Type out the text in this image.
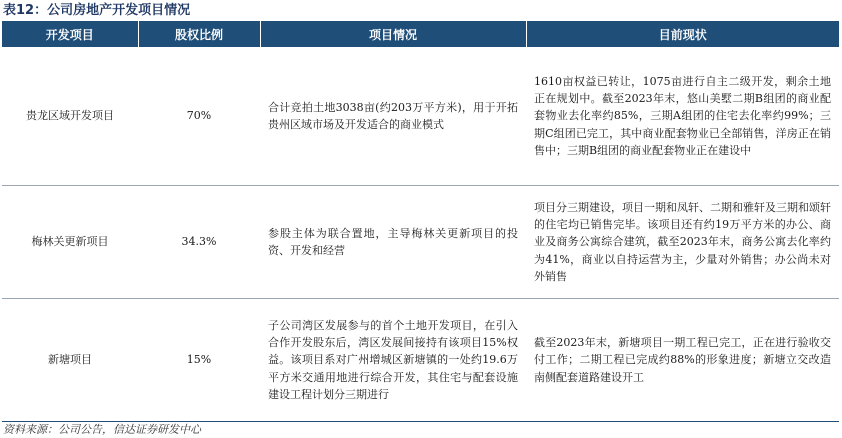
表12：公司房地产开发项目情况
开发项目	股权比例	项目情况	目前现状
贵龙区域开发项目	70%	合计竞拍土地3038亩(约203万平方米)，用于开拓贵州区域市场及开发适合的商业模式	1610亩权益已转让，1075亩进行自主二级开发，剩余土地正在规划中。截至2023年末，悠山美墅二期B组团的商业配套物业去化率约85%，三期A组团的住宅去化率约99%；三期C组团已完工，其中商业配套物业已全部销售，洋房正在销售中；三期B组团的商业配套物业正在建设中
梅林关更新项目	34.3%	参股主体为联合置地，主导梅林关更新项目的投资、开发和经营	项目分三期建设，项目一期和凤轩、二期和雅轩及三期和颂轩的住宅均已销售完毕。该项目还有约19万平方米的办公、商业及商务公寓综合建筑，截至2023年末，商务公寓去化率约为41%，商业以自持运营为主，少量对外销售；办公尚未对外销售
新塘项目	15%	子公司湾区发展参与的首个土地开发项目，在引入合作开发股东后，湾区发展间接持有该项目15%权益。该项目系对广州增城区新塘镇的一处约19.6万平方米交通用地进行综合开发，其住宅与配套设施建设工程计划分三期进行	截至2023年末，新塘项目一期工程已完工，正在进行验收交付工作；二期工程已完成约88%的形象进度；新塘立交改造南侧配套道路建设开工
资料来源：公司公告，信达证券研发中心
